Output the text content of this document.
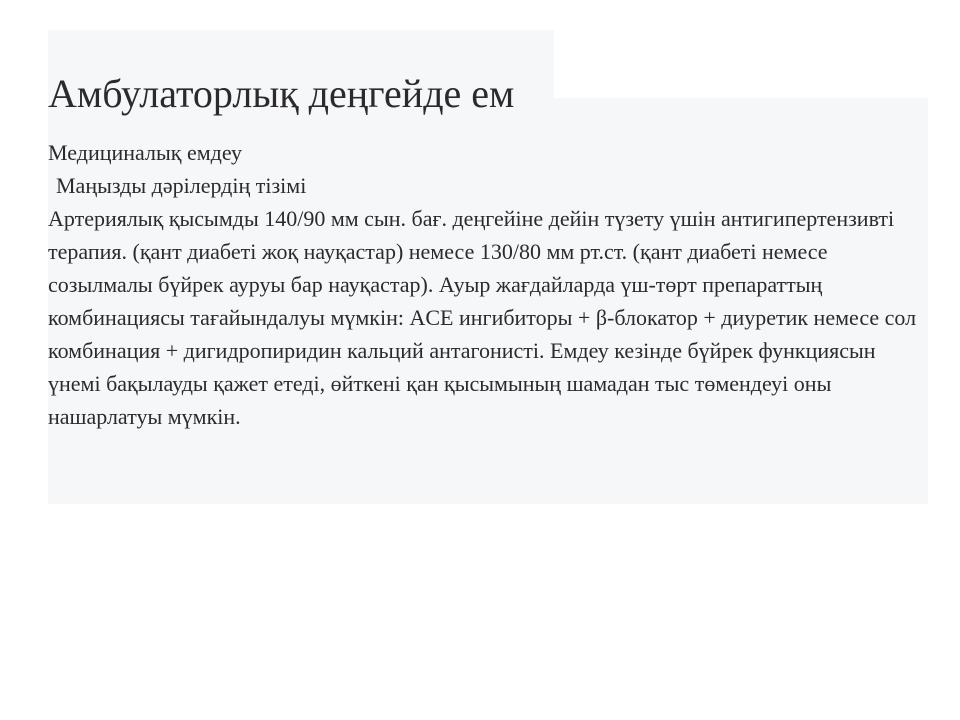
Амбулаторлық деңгейде ем

Медициналық емдеу

Маңызды дәрілердің тізімі

Артериялық қысымды 140/90 мм сын. бағ. деңгейіне дейін түзету үшін антигипертензивті терапия. (қант диабеті жоқ науқастар) немесе 130/80 мм рт.ст. (қант диабеті немесе созылмалы бүйрек ауруы бар науқастар). Ауыр жағдайларда үш-төрт препараттың комбинациясы тағайындалуы мүмкін: ACE ингибиторы + β-блокатор + диуретик немесе сол комбинация + дигидропиридин кальций антагонисті. Емдеу кезінде бүйрек функциясын үнемі бақылауды қажет етеді, өйткені қан қысымының шамадан тыс төмендеуі оны нашарлатуы мүмкін.
